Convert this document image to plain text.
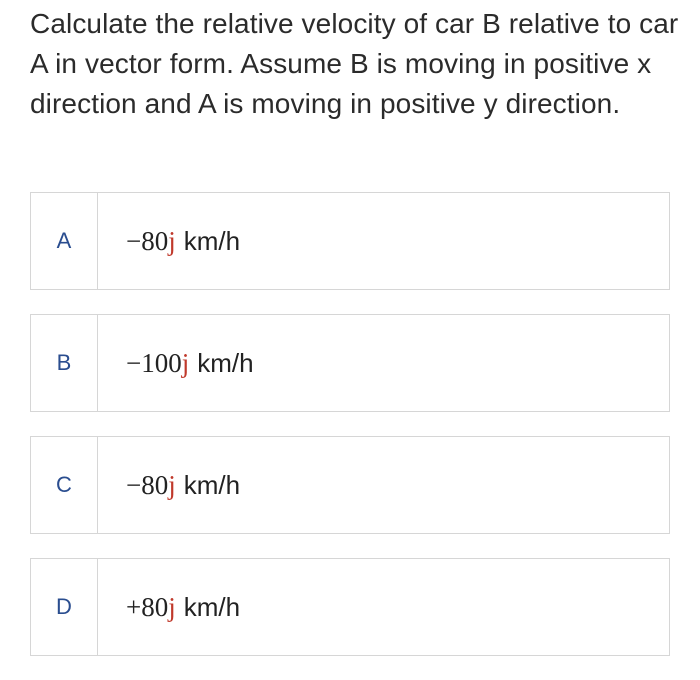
Calculate the relative velocity of car B relative to car A in vector form. Assume B is moving in positive x direction and A is moving in positive y direction.
A	−80 j km/h
B	−100 j km/h
C	−80 j km/h
D	+80 j km/h
